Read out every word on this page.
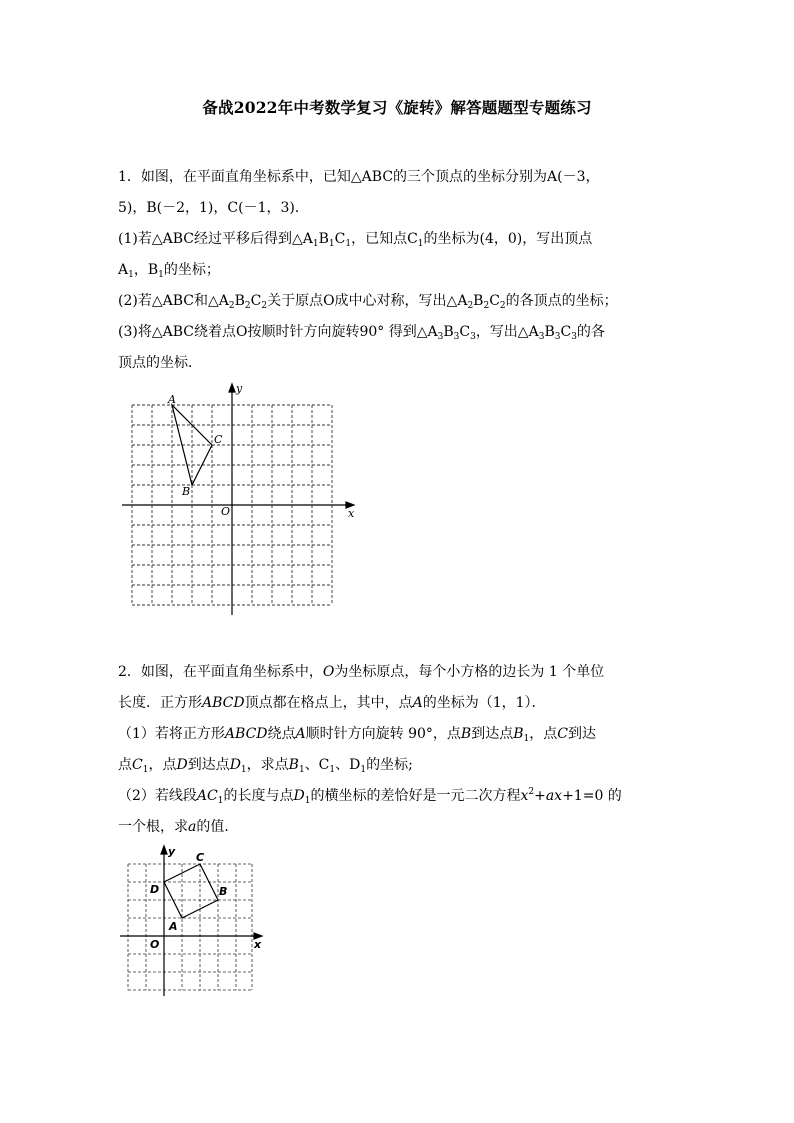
备战2022年中考数学复习《旋转》解答题题型专题练习
1．如图，在平面直角坐标系中，已知△ABC的三个顶点的坐标分别为A(－3，
5)，B(－2，1)，C(－1，3)．
(1)若△ABC经过平移后得到$\triangle A_1B_1C_1$，已知点$C_1$的坐标为(4，0)，写出顶点
$A_1$，$B_1$的坐标；
(2)若△ABC和$\triangle A_2B_2C_2$关于原点O成中心对称，写出$\triangle A_2B_2C_2$的各顶点的坐标；
(3)将△ABC绕着点O按顺时针方向旋转90° 得到$\triangle A_3B_3C_3$，写出$\triangle A_3B_3C_3$的各
顶点的坐标．
A
B
C
O	x
y
2．如图，在平面直角坐标系中，O为坐标原点，每个小方格的边长为 1 个单位
长度．正方形ABCD顶点都在格点上，其中，点A的坐标为（1，1）．
（1）若将正方形ABCD绕点A顺时针方向旋转 90°，点B到达点$B_1$，点C到达
点$C_1$，点D到达点$D_1$，求点$B_1$、$C_1$、$D_1$的坐标;
（2）若线段$AC_1$的长度与点$D_1$的横坐标的差恰好是一元二次方程$x^2+ax+1=0$ 的
一个根，求a的值．
A
B
C
D
O	x
y
